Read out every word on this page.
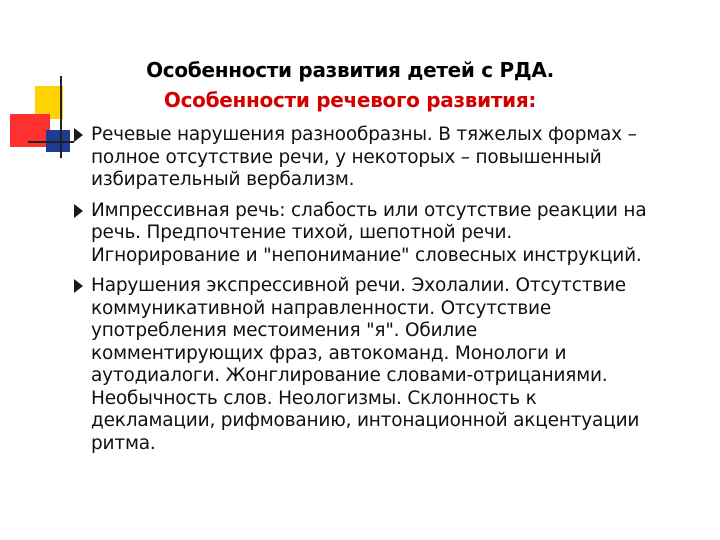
Особенности развития детей с РДА.
Особенности речевого развития:
Речевые нарушения разнообразны. В тяжелых формах – полное отсутствие речи, у некоторых – повышенный избирательный вербализм.
Импрессивная речь: слабость или отсутствие реакции на речь. Предпочтение тихой, шепотной речи. Игнорирование и "непонимание" словесных инструкций.
Нарушения экспрессивной речи. Эхолалии. Отсутствие коммуникативной направленности. Отсутствие употребления местоимения "я". Обилие комментирующих фраз, автокоманд. Монологи и аутодиалоги. Жонглирование словами-отрицаниями. Необычность слов. Неологизмы. Склонность к декламации, рифмованию, интонационной акцентуации ритма.
